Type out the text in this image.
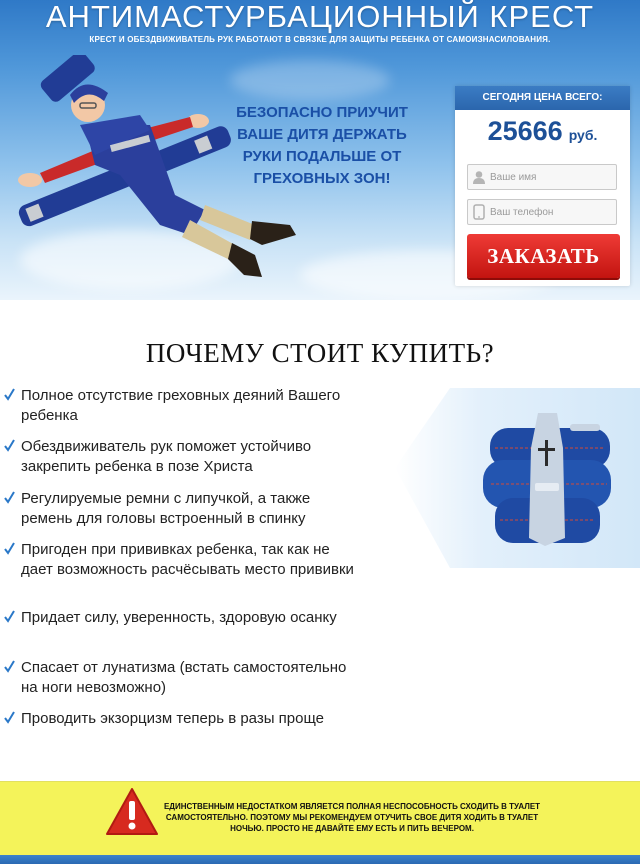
АНТИМАСТУРБАЦИОННЫЙ КРЕСТ
КРЕСТ И ОБЕЗДВИЖИВАТЕЛЬ РУК РАБОТАЮТ В СВЯЗКЕ ДЛЯ ЗАЩИТЫ РЕБЕНКА ОТ САМОИЗНАСИЛОВАНИЯ.
БЕЗОПАСНО ПРИУЧИТ ВАШЕ ДИТЯ ДЕРЖАТЬ РУКИ ПОДАЛЬШЕ ОТ ГРЕХОВНЫХ ЗОН!
СЕГОДНЯ ЦЕНА ВСЕГО:
25666 руб.
Ваше имя
Ваш телефон
ЗАКАЗАТЬ
ПОЧЕМУ СТОИТ КУПИТЬ?
Полное отсутствие греховных деяний Вашего ребенка
Обездвиживатель рук поможет устойчиво закрепить ребенка в позе Христа
Регулируемые ремни с липучкой, а также ремень для головы встроенный в спинку
Пригоден при прививках ребенка, так как не дает возможность расчёсывать место прививки
Придает силу, уверенность, здоровую осанку
Спасает от лунатизма (встать самостоятельно на ноги невозможно)
Проводить экзорцизм теперь в разы проще
ЕДИНСТВЕННЫМ НЕДОСТАТКОМ ЯВЛЯЕТСЯ ПОЛНАЯ НЕСПОСОБНОСТЬ СХОДИТЬ В ТУАЛЕТ САМОСТОЯТЕЛЬНО. ПОЭТОМУ МЫ РЕКОМЕНДУЕМ ОТУЧИТЬ СВОЕ ДИТЯ ХОДИТЬ В ТУАЛЕТ НОЧЬЮ. ПРОСТО НЕ ДАВАЙТЕ ЕМУ ЕСТЬ И ПИТЬ ВЕЧЕРОМ.
